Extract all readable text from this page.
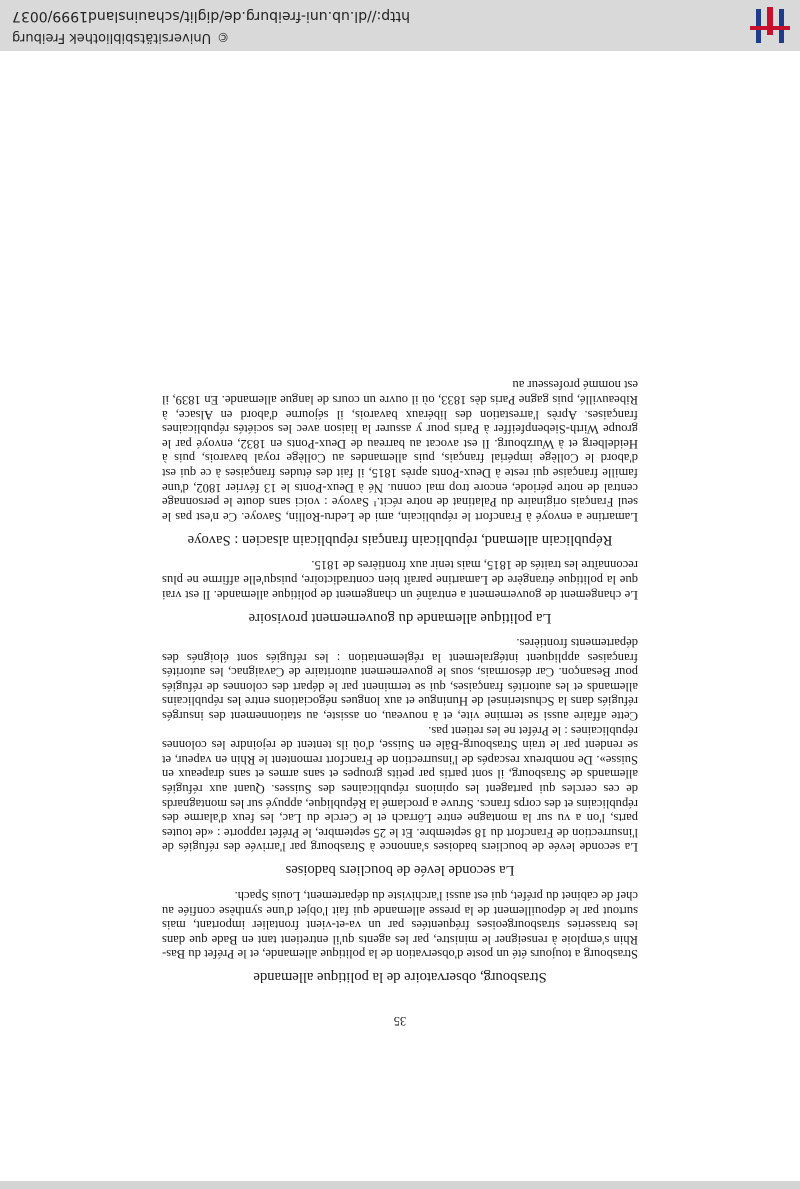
35
Strasbourg, observatoire de la politique allemande

Strasbourg a toujours été un poste d'observation de la politique allemande, et le Préfet du Bas-Rhin s'emploie à renseigner le ministre, par les agents qu'il entretient tant en Bade que dans les brasseries strasbourgeoises fréquentées par un va-et-vient frontalier important, mais surtout par le dépouillement de la presse allemande qui fait l'objet d'une synthèse confiée au chef de cabinet du préfet, qui est aussi l'archiviste du département, Louis Spach.

La seconde levée de boucliers badoises

La seconde levée de boucliers badoises s'annonce à Strasbourg par l'arrivée des réfugiés de l'insurrection de Francfort du 18 septembre. Et le 25 septembre, le Préfet rapporte : «de toutes parts, l'on a vu sur la montagne entre Lörrach et le Cercle du Lac, les feux d'alarme des républicains et des corps francs. Struve a proclamé la République, appuyé sur les montagnards de ces cercles qui partagent les opinions républicaines des Suisses. Quant aux réfugiés allemands de Strasbourg, il sont partis par petits groupes et sans armes et sans drapeaux en Suisse». De nombreux rescapés de l'insurrection de Francfort remontent le Rhin en vapeur, et se rendent par le train Strasbourg-Bâle en Suisse, d'où ils tentent de rejoindre les colonnes républicaines : le Préfet ne les retient pas.

Cette affaire aussi se termine vite, et à nouveau, on assiste, au stationnement des insurgés réfugiés dans la Schusterinsel de Huningue et aux longues négociations entre les républicains allemands et les autorités françaises, qui se terminent par le départ des colonnes de réfugiés pour Besançon. Car désormais, sous le gouvernement autoritaire de Cavaignac, les autorités françaises appliquent intégralement la réglementation : les réfugiés sont éloignés des départements frontières.

La politique allemande du gouvernement provisoire

Le changement de gouvernement a entraîné un changement de politique allemande. Il est vrai que la politique étrangère de Lamartine paraît bien contradictoire, puisqu'elle affirme ne plus reconnaître les traités de 1815, mais tenir aux frontières de 1815.

Républicain allemand, républicain français républicain alsacien : Savoye

Lamartine a envoyé à Francfort le républicain, ami de Ledru-Rollin, Savoye. Ce n'est pas le seul Français originaire du Palatinat de notre récit.¹ Savoye : voici sans doute le personnage central de notre période, encore trop mal connu. Né à Deux-Ponts le 13 février 1802, d'une famille française qui reste à Deux-Ponts après 1815, il fait des études françaises à ce qui est d'abord le Collège impérial français, puis allemandes au Collège royal bavarois, puis à Heidelberg et à Wurzbourg. Il est avocat au barreau de Deux-Ponts en 1832, envoyé par le groupe Wirth-Siebenpfeiffer à Paris pour y assurer la liaison avec les sociétés républicaines françaises. Après l'arrestation des libéraux bavarois, il séjourne d'abord en Alsace, à Ribeauvillé, puis gagne Paris dès 1833, où il ouvre un cours de langue allemande. En 1839, il est nommé professeur au

©
Universitätsbibliothek Freiburg
http://dl.ub.uni-freiburg.de/diglit/schauinsland1999/0037
